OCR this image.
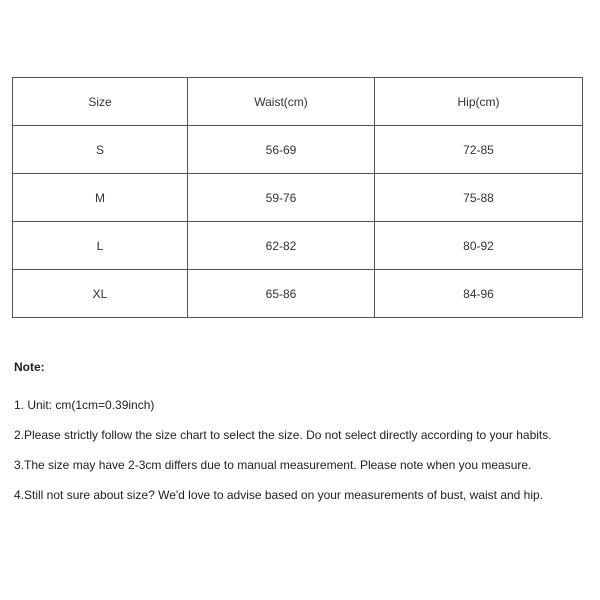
Size	Waist(cm)	Hip(cm)
S	56-69	72-85
M	59-76	75-88
L	62-82	80-92
XL	65-86	84-96
Note:
1. Unit: cm(1cm=0.39inch)
2.Please strictly follow the size chart to select the size. Do not select directly according to your habits.
3.The size may have 2-3cm differs due to manual measurement. Please note when you measure.
4.Still not sure about size? We'd love to advise based on your measurements of bust, waist and hip.
